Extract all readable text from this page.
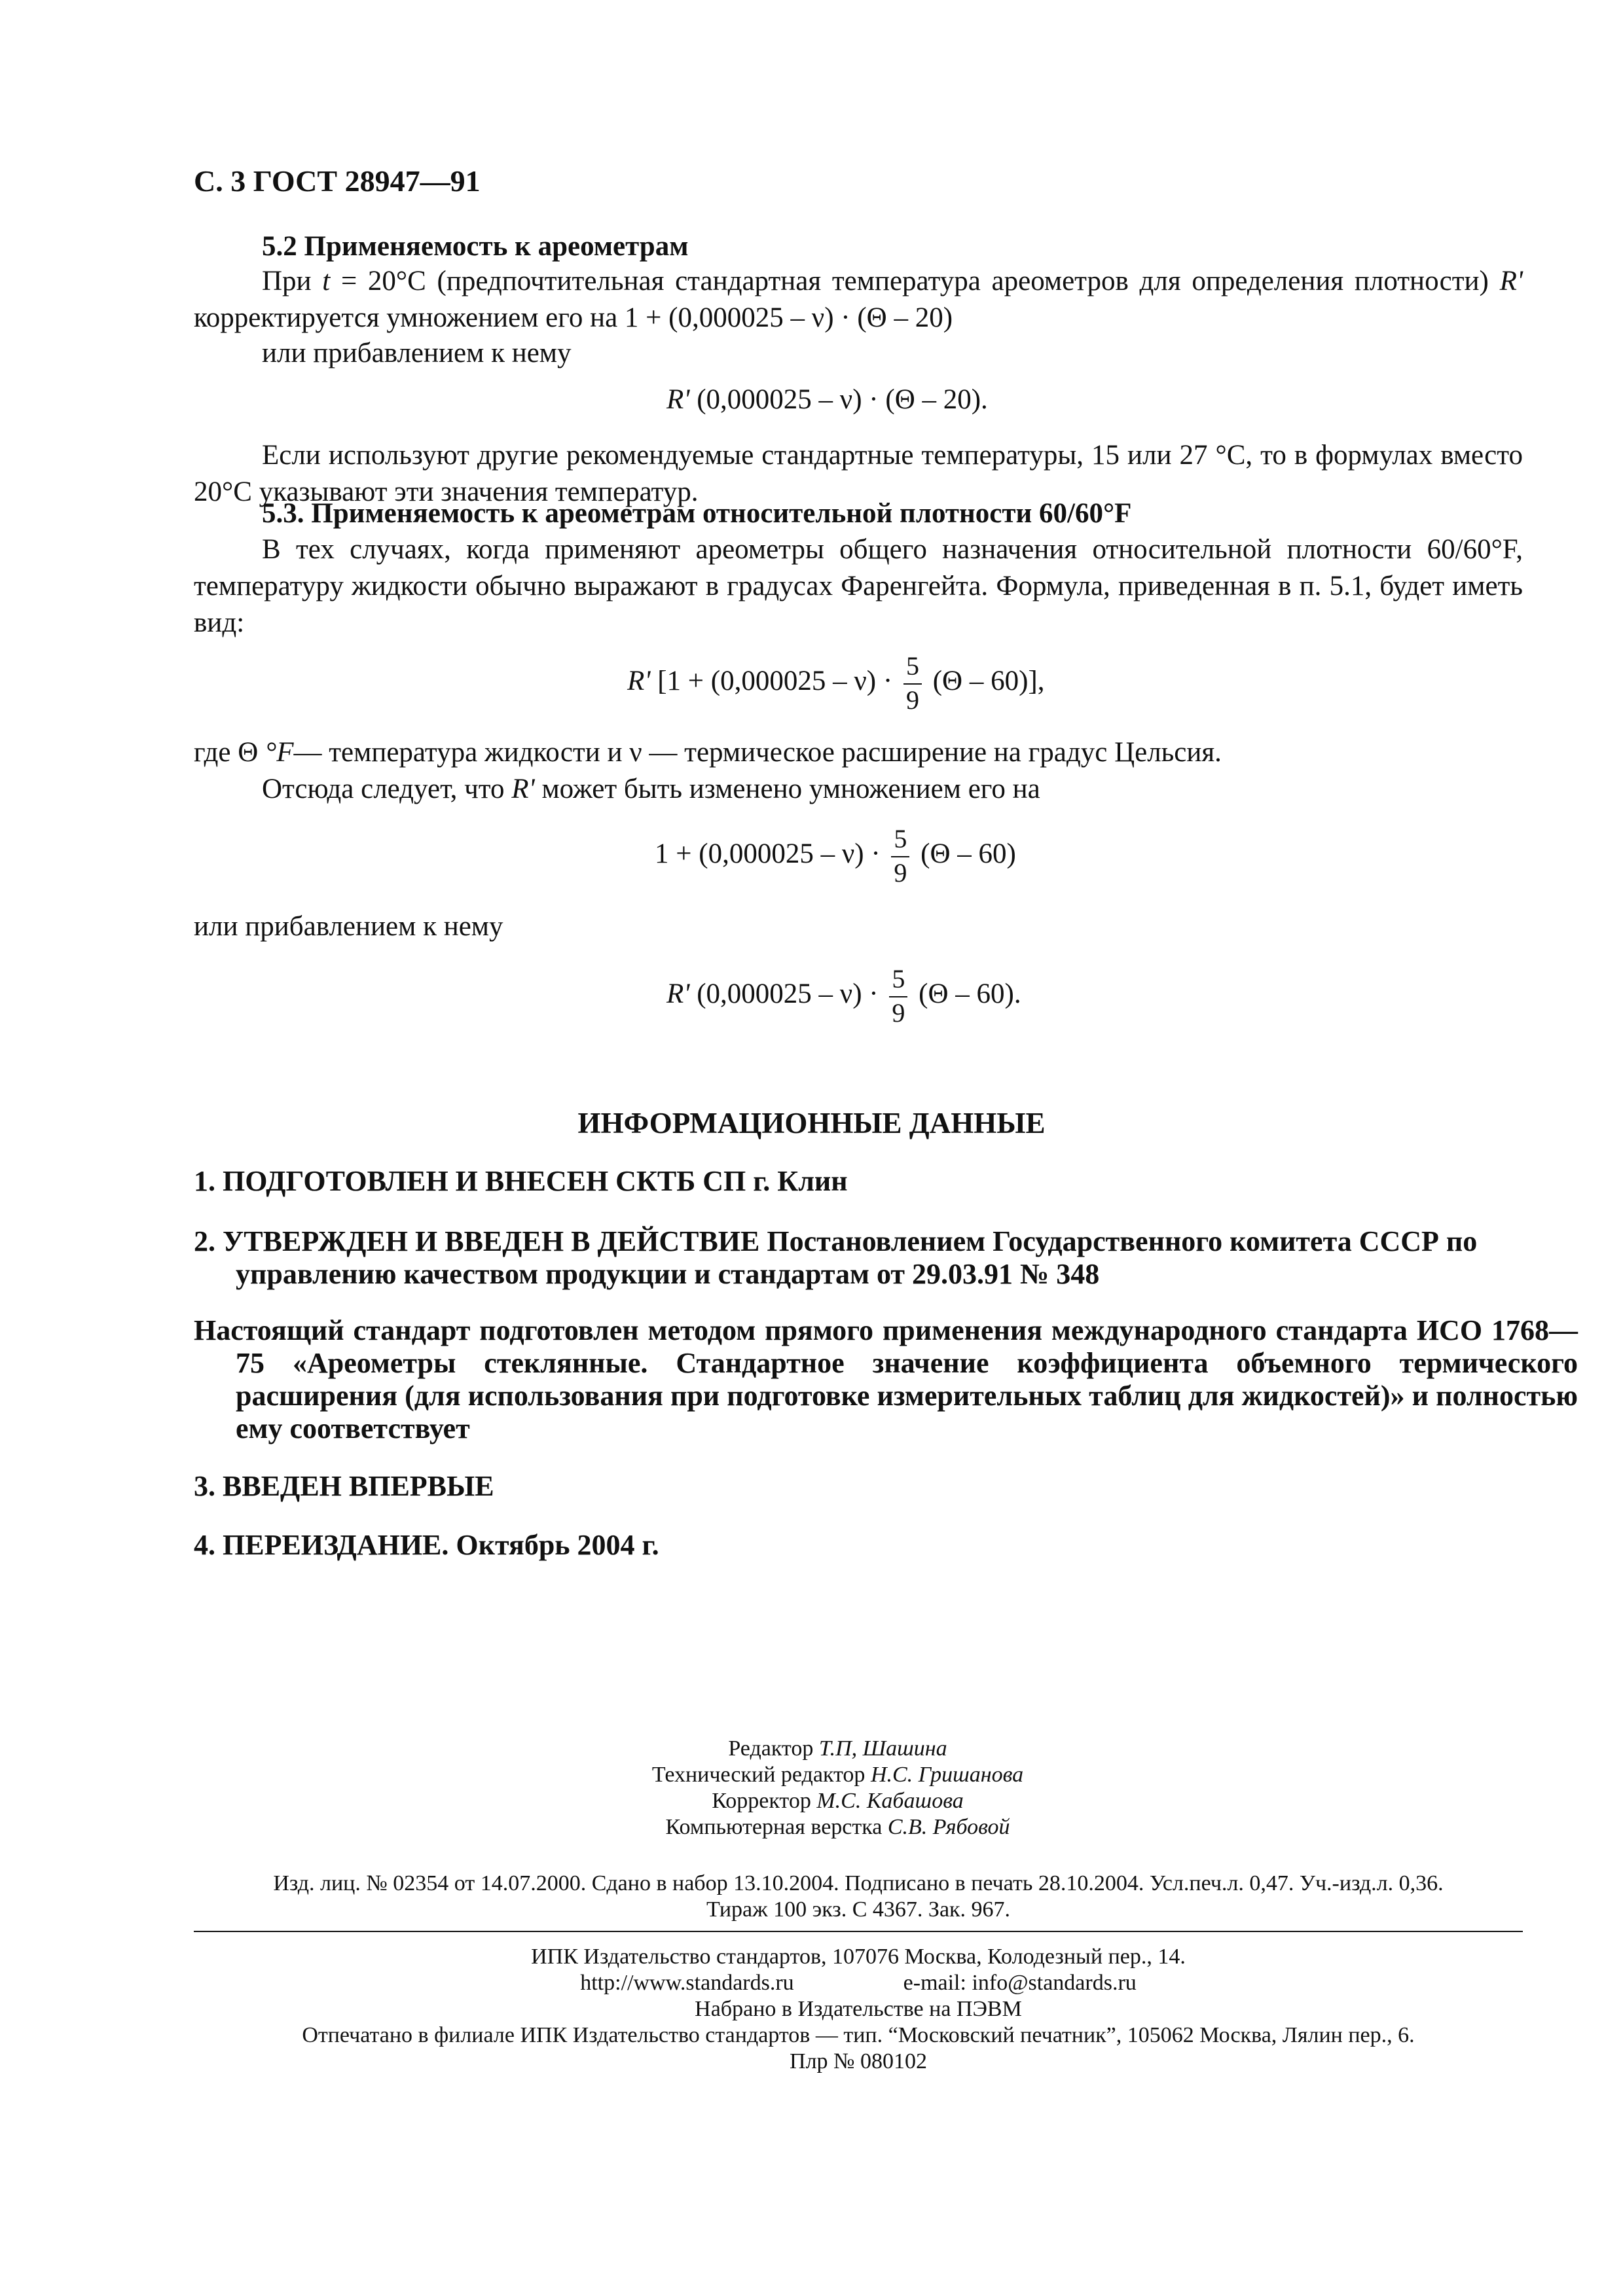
С. 3 ГОСТ 28947—91
5.2 Применяемость к ареометрам
При t = 20°С (предпочтительная стандартная температура ареометров для определения плотности) R' корректируется умножением его на 1 + (0,000025 – ν) · (Θ – 20)
или прибавлением к нему
R' (0,000025 – ν) · (Θ – 20).
Если используют другие рекомендуемые стандартные температуры, 15 или 27 °С, то в формулах вместо 20°С указывают эти значения температур.
5.3. Применяемость к ареометрам относительной плотности 60/60°F
В тех случаях, когда применяют ареометры общего назначения относительной плотности 60/60°F, температуру жидкости обычно выражают в градусах Фаренгейта. Формула, приведенная в п. 5.1, будет иметь вид:
R' $[1 + (0,000025 - \nu) \cdot \frac{5}{9} (\Theta - 60)]$,
где Θ °F— температура жидкости и ν — термическое расширение на градус Цельсия.
Отсюда следует, что R' может быть изменено умножением его на
$1 + (0,000025 - \nu) \cdot \frac{5}{9} (\Theta - 60)$
или прибавлением к нему
R' $(0,000025 - \nu) \cdot \frac{5}{9} (\Theta - 60)$.
ИНФОРМАЦИОННЫЕ ДАННЫЕ
1. ПОДГОТОВЛЕН И ВНЕСЕН СКТБ СП г. Клин
2. УТВЕРЖДЕН И ВВЕДЕН В ДЕЙСТВИЕ Постановлением Государственного комитета СССР по управлению качеством продукции и стандартам от 29.03.91 № 348
Настоящий стандарт подготовлен методом прямого применения международного стандарта ИСО 1768—75 «Ареометры стеклянные. Стандартное значение коэффициента объемного термического расширения (для использования при подготовке измерительных таблиц для жидкостей)» и полностью ему соответствует
3. ВВЕДЕН ВПЕРВЫЕ
4. ПЕРЕИЗДАНИЕ. Октябрь 2004 г.
Редактор Т.П, Шашина
Технический редактор Н.С. Гришанова
Корректор М.С. Кабашова
Компьютерная верстка С.В. Рябовой
Изд. лиц. № 02354 от 14.07.2000. Сдано в набор 13.10.2004. Подписано в печать 28.10.2004. Усл.печ.л. 0,47. Уч.-изд.л. 0,36.
Тираж 100 экз. С 4367. Зак. 967.
ИПК Издательство стандартов, 107076 Москва, Колодезный пер., 14.
http://www.standards.ru	e-mail: info@standards.ru
Набрано в Издательстве на ПЭВМ
Отпечатано в филиале ИПК Издательство стандартов — тип. “Московский печатник”, 105062 Москва, Лялин пер., 6.
Плр № 080102
